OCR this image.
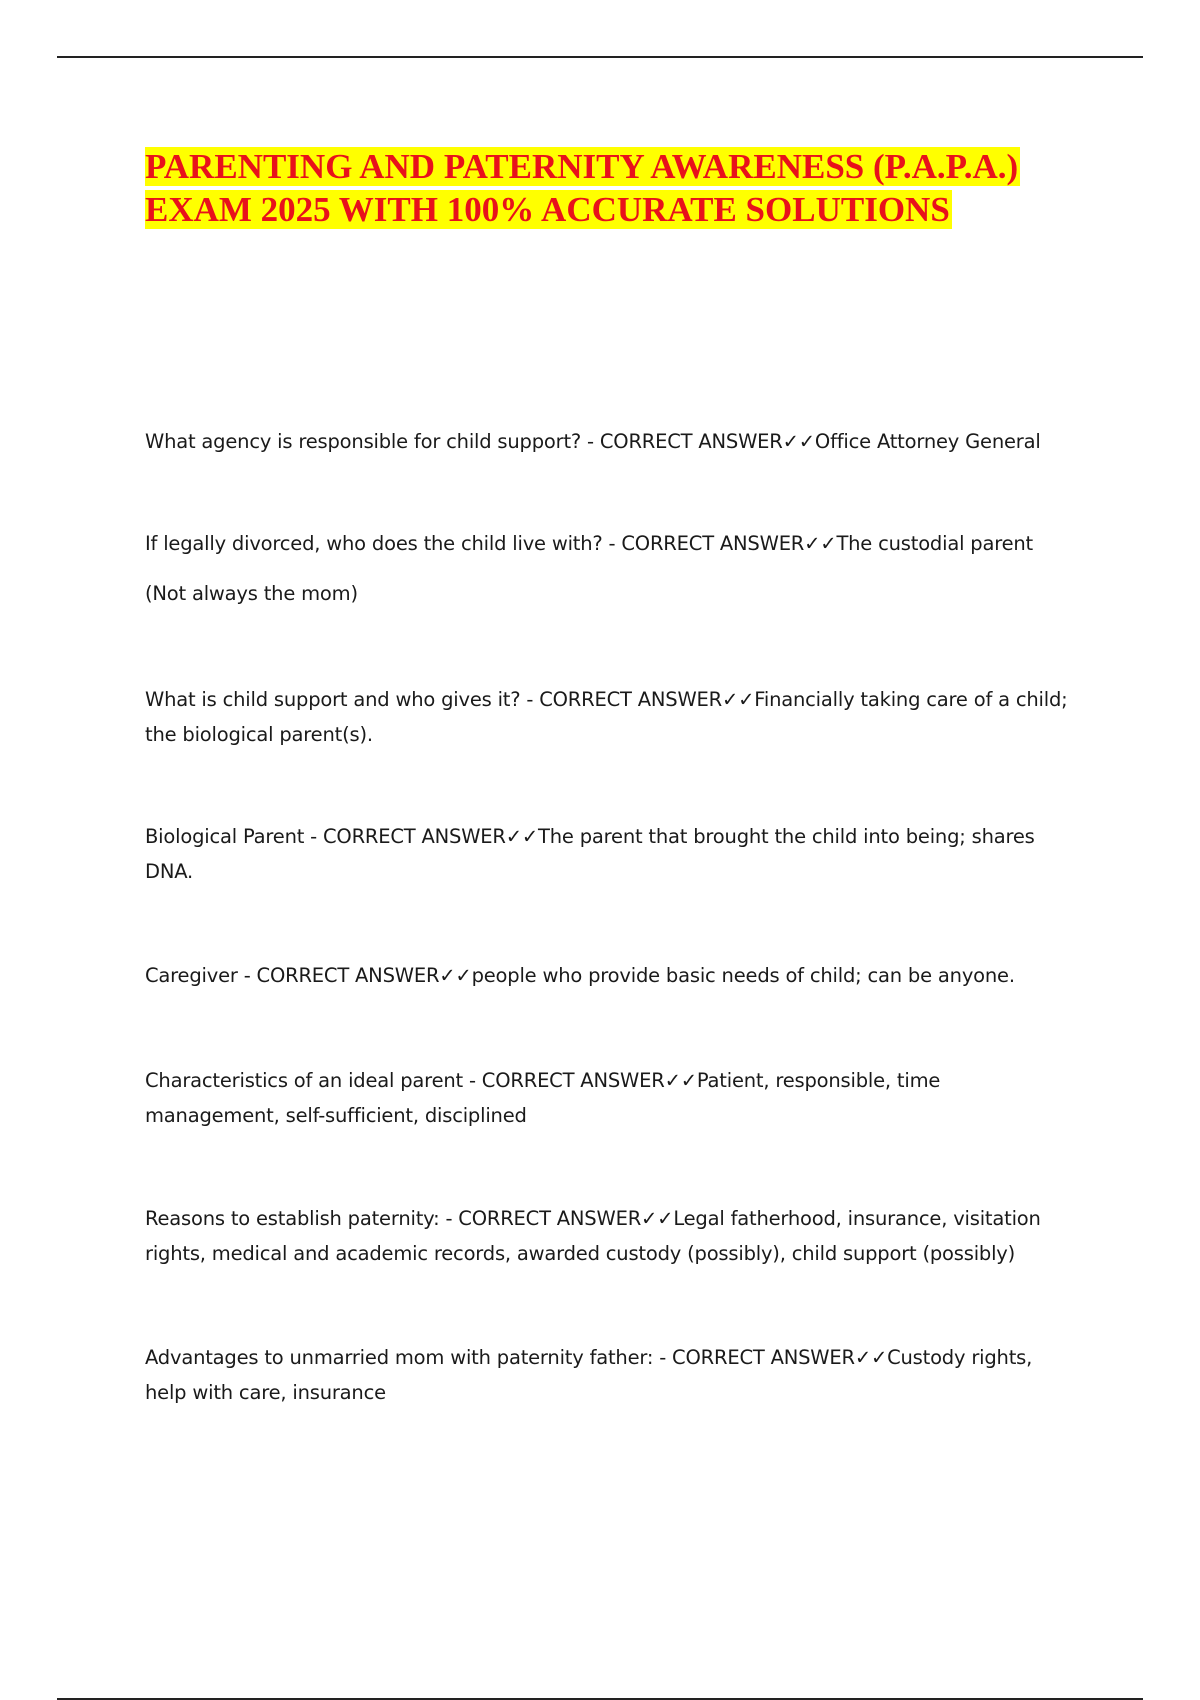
PARENTING AND PATERNITY AWARENESS (P.A.P.A.)
EXAM 2025 WITH 100% ACCURATE SOLUTIONS

What agency is responsible for child support? - CORRECT ANSWER✓✓Office Attorney General

If legally divorced, who does the child live with? - CORRECT ANSWER✓✓The custodial parent
(Not always the mom)

What is child support and who gives it? - CORRECT ANSWER✓✓Financially taking care of a child;
the biological parent(s).

Biological Parent - CORRECT ANSWER✓✓The parent that brought the child into being; shares
DNA.

Caregiver - CORRECT ANSWER✓✓people who provide basic needs of child; can be anyone.

Characteristics of an ideal parent - CORRECT ANSWER✓✓Patient, responsible, time
management, self-sufficient, disciplined

Reasons to establish paternity: - CORRECT ANSWER✓✓Legal fatherhood, insurance, visitation
rights, medical and academic records, awarded custody (possibly), child support (possibly)

Advantages to unmarried mom with paternity father: - CORRECT ANSWER✓✓Custody rights,
help with care, insurance
